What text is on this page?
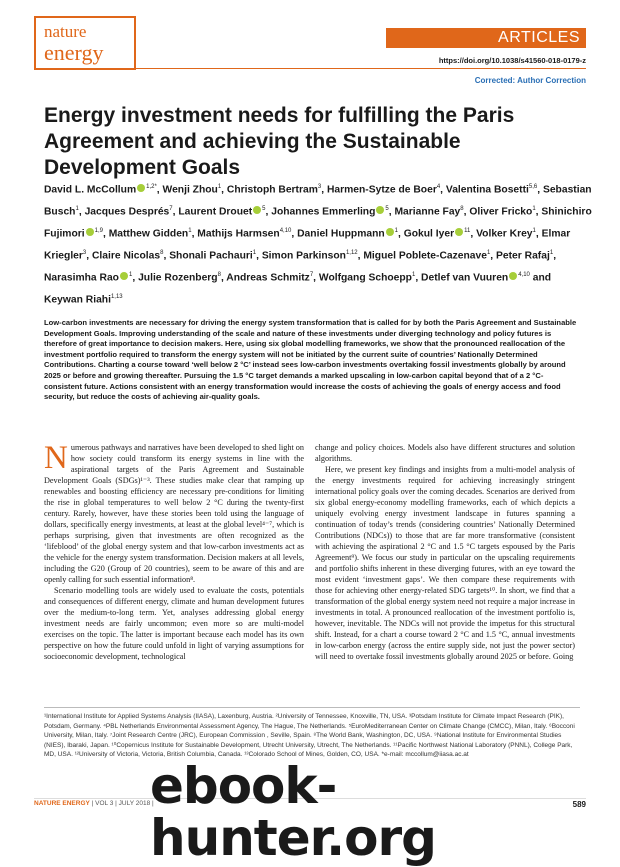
nature
energy
ARTICLES
https://doi.org/10.1038/s41560-018-0179-z
Corrected: Author Correction
Energy investment needs for fulfilling the Paris Agreement and achieving the Sustainable Development Goals
David L. McCollum $^{1,2*}$, Wenji Zhou$^1$, Christoph Bertram$^3$, Harmen-Sytze de Boer$^4$, Valentina Bosetti$^{5,6}$, Sebastian Busch$^1$, Jacques Després$^7$, Laurent Drouet $^5$, Johannes Emmerling $^5$, Marianne Fay$^8$, Oliver Fricko$^1$, Shinichiro Fujimori $^{1,9}$, Matthew Gidden$^1$, Mathijs Harmsen$^{4,10}$, Daniel Huppmann $^1$, Gokul Iyer $^{11}$, Volker Krey$^1$, Elmar Kriegler$^3$, Claire Nicolas$^8$, Shonali Pachauri$^1$, Simon Parkinson$^{1,12}$, Miguel Poblete-Cazenave$^1$, Peter Rafaj$^1$, Narasimha Rao $^1$, Julie Rozenberg$^8$, Andreas Schmitz$^7$, Wolfgang Schoepp$^1$, Detlef van Vuuren $^{4,10}$ and Keywan Riahi$^{1,13}$
Low-carbon investments are necessary for driving the energy system transformation that is called for by both the Paris Agreement and Sustainable Development Goals. Improving understanding of the scale and nature of these investments under diverging technology and policy futures is therefore of great importance to decision makers. Here, using six global modelling frameworks, we show that the pronounced reallocation of the investment portfolio required to transform the energy system will not be initiated by the current suite of countries’ Nationally Determined Contributions. Charting a course toward ‘well below 2 °C’ instead sees low-carbon investments overtaking fossil investments globally by around 2025 or before and growing thereafter. Pursuing the 1.5 °C target demands a marked upscaling in low-carbon capital beyond that of a 2 °C-consistent future. Actions consistent with an energy transformation would increase the costs of achieving the goals of energy access and food security, but reduce the costs of achieving air-quality goals.

Numerous pathways and narratives have been developed to shed light on how society could transform its energy systems in line with the aspirational targets of the Paris Agreement and Sustainable Development Goals (SDGs)¹⁻³. These studies make clear that ramping up renewables and boosting efficiency are necessary pre-conditions for limiting the rise in global temperatures to well below 2 °C during the twenty-first century. Rarely, however, have these stories been told using the language of dollars, specifically energy investments, at least at the global level⁴⁻⁷, which is perhaps surprising, given that investments are often recognized as the ‘lifeblood’ of the global energy system and that low-carbon investments act as the vehicle for the energy system transformation. Decision makers at all levels, including the G20 (Group of 20 countries), seem to be aware of this and are openly calling for such essential information⁸.

Scenario modelling tools are widely used to evaluate the costs, potentials and consequences of different energy, climate and human development futures over the medium-to-long term. Yet, analyses addressing global energy investment needs are fairly uncommon; even more so are multi-model exercises on the topic. The latter is important because each model has its own perspective on how the future could unfold in light of varying assumptions for socioeconomic development, technological

change and policy choices. Models also have different structures and solution algorithms.

Here, we present key findings and insights from a multi-model analysis of the energy investments required for achieving increasingly stringent international policy goals over the coming decades. Scenarios are derived from six global energy-economy modelling frameworks, each of which depicts a uniquely evolving energy investment landscape in futures spanning a continuation of today’s trends (considering countries’ Nationally Determined Contributions (NDCs)) to those that are far more transformative (consistent with achieving the aspirational 2 °C and 1.5 °C targets espoused by the Paris Agreement⁹). We focus our study in particular on the upscaling requirements and portfolio shifts inherent in these diverging futures, with an eye toward the most evident ‘investment gaps’. We then compare these requirements with those for achieving other energy-related SDG targets¹⁰. In short, we find that a transformation of the global energy system need not require a major increase in investments in total. A pronounced reallocation of the investment portfolio is, however, inevitable. The NDCs will not provide the impetus for this structural shift. Instead, for a chart a course toward 2 °C and 1.5 °C, annual investments in low-carbon energy (across the entire supply side, not just the power sector) will need to overtake fossil investments globally around 2025 or before. Going

¹International Institute for Applied Systems Analysis (IIASA), Laxenburg, Austria. ²University of Tennessee, Knoxville, TN, USA. ³Potsdam Institute for Climate Impact Research (PIK), Potsdam, Germany. ⁴PBL Netherlands Environmental Assessment Agency, The Hague, The Netherlands. ⁵EuroMediterranean Center on Climate Change (CMCC), Milan, Italy. ⁶Bocconi University, Milan, Italy. ⁷Joint Research Centre (JRC), European Commission , Seville, Spain. ⁸The World Bank, Washington, DC, USA. ⁹National Institute for Environmental Studies (NIES), Ibaraki, Japan. ¹⁰Copernicus Institute for Sustainable Development, Utrecht University, Utrecht, The Netherlands. ¹¹Pacific Northwest National Laboratory (PNNL), College Park, MD, USA. ¹²University of Victoria, Victoria, British Columbia, Canada. ¹³Colorado School of Mines, Golden, CO, USA. *e-mail: mccollum@iiasa.ac.at
NATURE ENERGY | VOL 3 | JULY 2018 |	589
ebook-hunter.org
